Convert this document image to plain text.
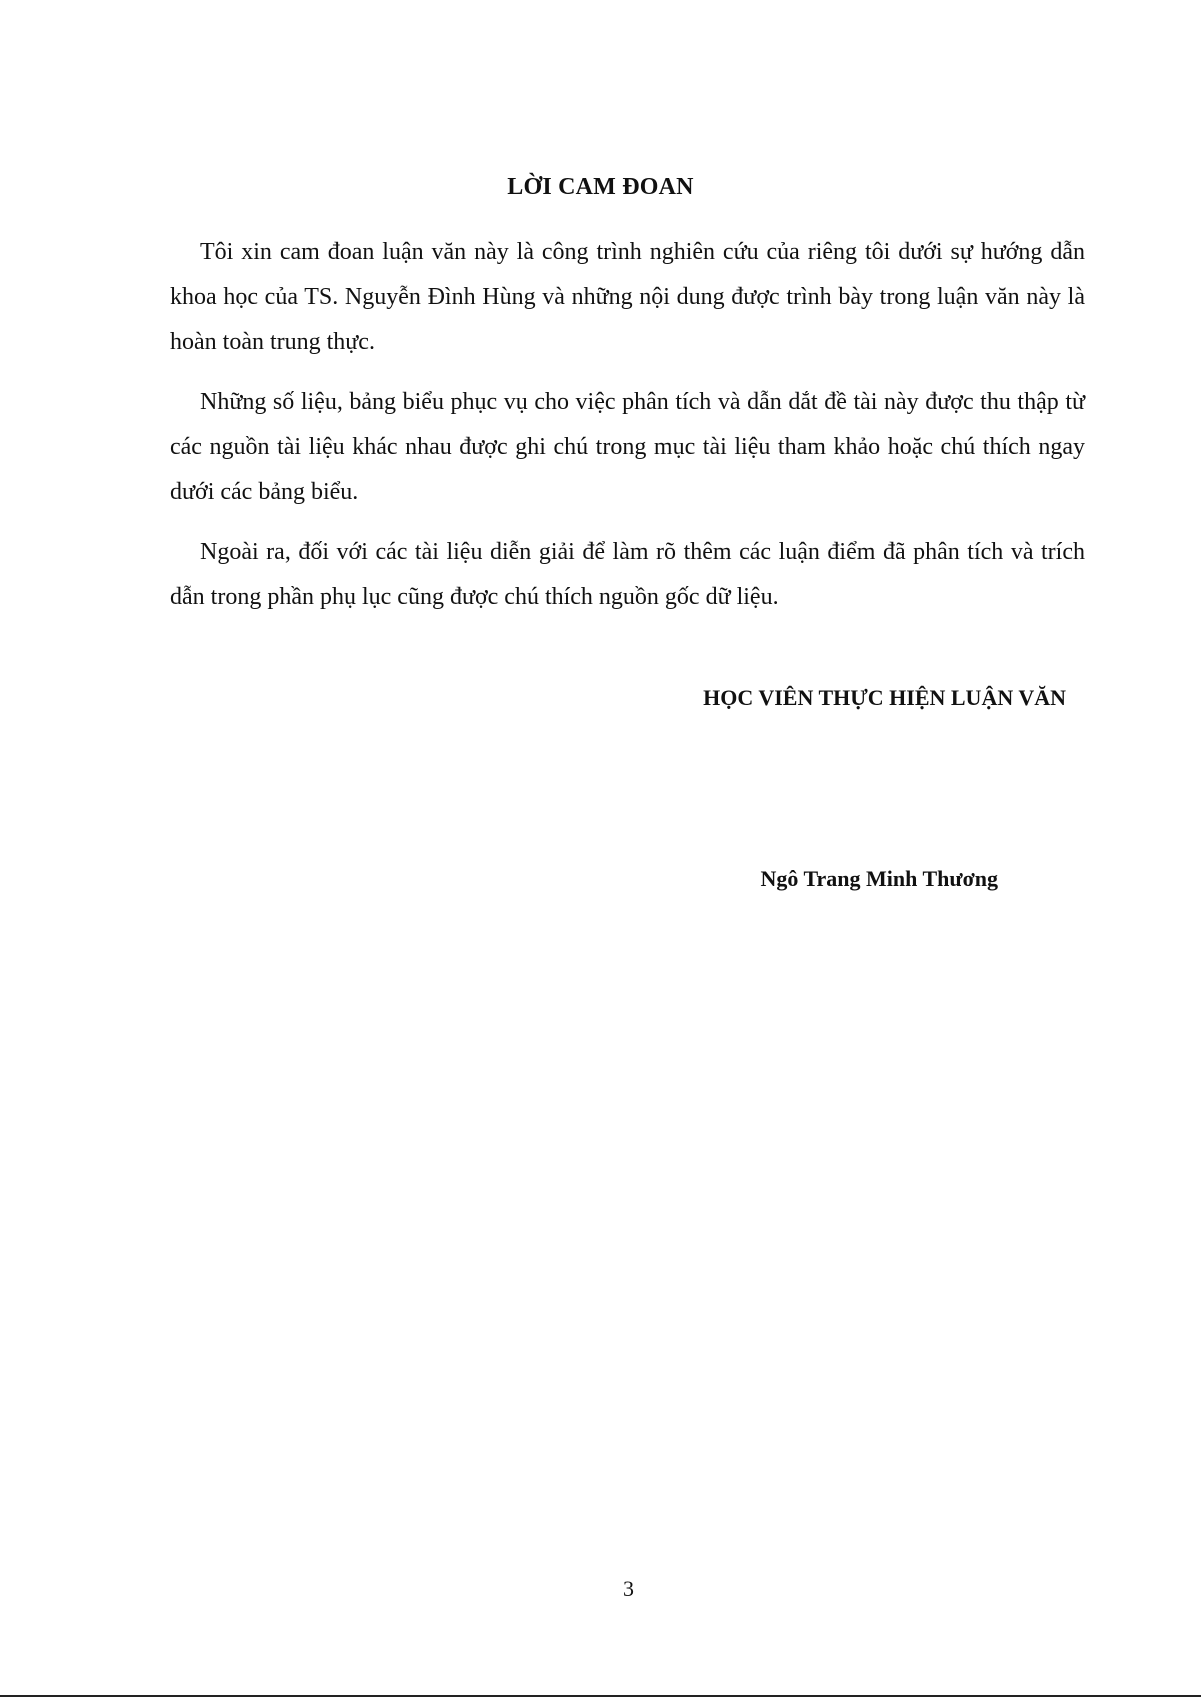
LỜI CAM ĐOAN

Tôi xin cam đoan luận văn này là công trình nghiên cứu của riêng tôi dưới sự hướng dẫn khoa học của TS. Nguyễn Đình Hùng và những nội dung được trình bày trong luận văn này là hoàn toàn trung thực.

Những số liệu, bảng biểu phục vụ cho việc phân tích và dẫn dắt đề tài này được thu thập từ các nguồn tài liệu khác nhau được ghi chú trong mục tài liệu tham khảo hoặc chú thích ngay dưới các bảng biểu.

Ngoài ra, đối với các tài liệu diễn giải để làm rõ thêm các luận điểm đã phân tích và trích dẫn trong phần phụ lục cũng được chú thích nguồn gốc dữ liệu.

HỌC VIÊN THỰC HIỆN LUẬN VĂN
Ngô Trang Minh Thương
3
